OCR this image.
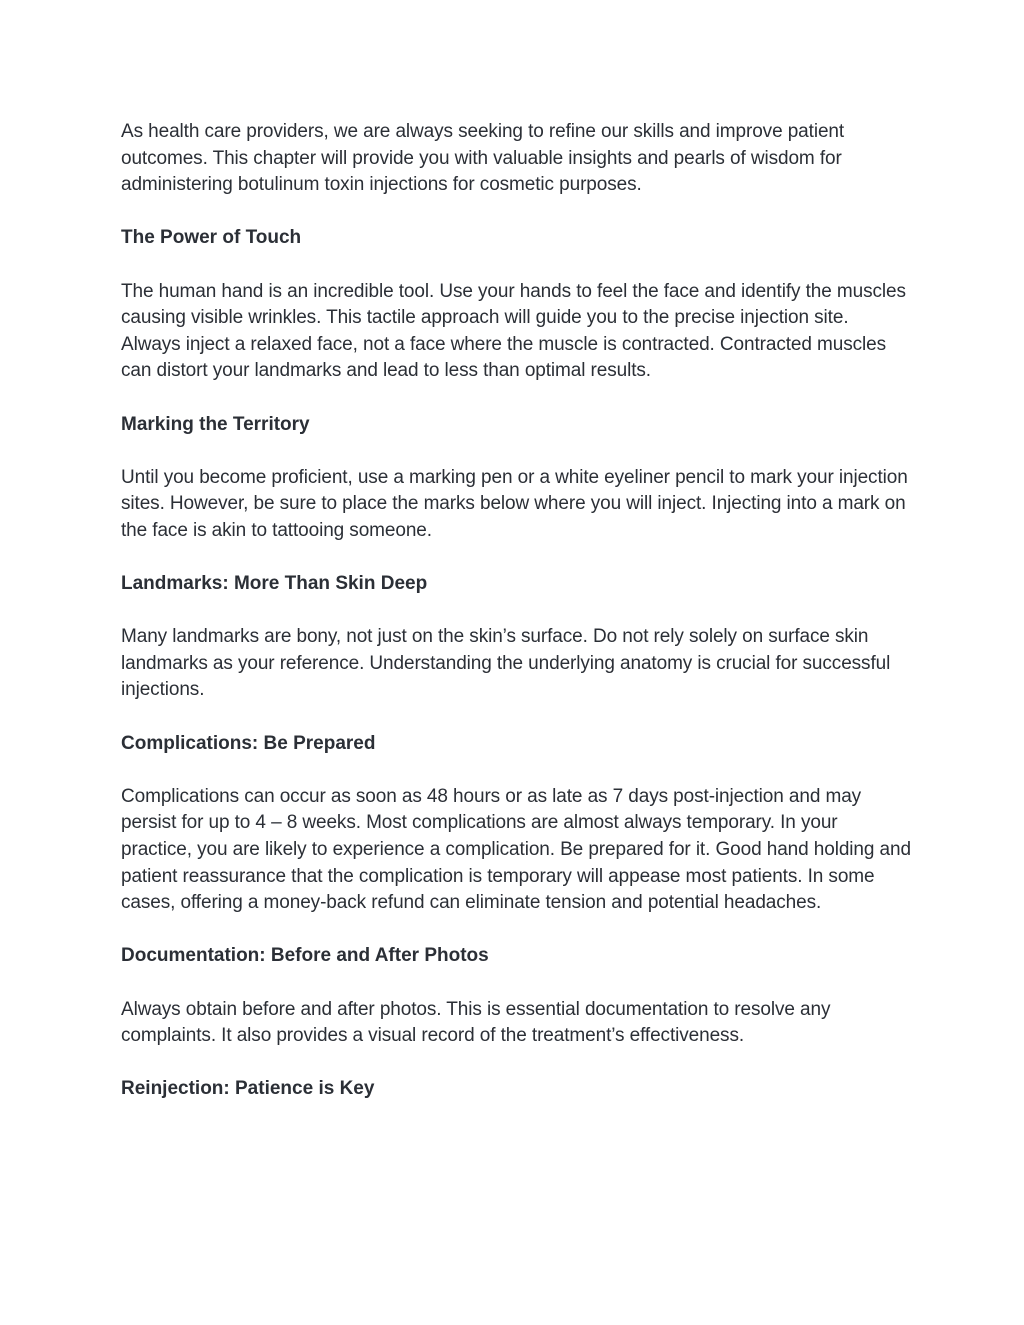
As health care providers, we are always seeking to refine our skills and improve patient outcomes. This chapter will provide you with valuable insights and pearls of wisdom for administering botulinum toxin injections for cosmetic purposes.

The Power of Touch

The human hand is an incredible tool. Use your hands to feel the face and identify the muscles causing visible wrinkles. This tactile approach will guide you to the precise injection site. Always inject a relaxed face, not a face where the muscle is contracted. Contracted muscles can distort your landmarks and lead to less than optimal results.

Marking the Territory

Until you become proficient, use a marking pen or a white eyeliner pencil to mark your injection sites. However, be sure to place the marks below where you will inject. Injecting into a mark on the face is akin to tattooing someone.

Landmarks: More Than Skin Deep

Many landmarks are bony, not just on the skin’s surface. Do not rely solely on surface skin landmarks as your reference. Understanding the underlying anatomy is crucial for successful injections.

Complications: Be Prepared

Complications can occur as soon as 48 hours or as late as 7 days post-injection and may persist for up to 4 – 8 weeks. Most complications are almost always temporary. In your practice, you are likely to experience a complication. Be prepared for it. Good hand holding and patient reassurance that the complication is temporary will appease most patients. In some cases, offering a money-back refund can eliminate tension and potential headaches.

Documentation: Before and After Photos

Always obtain before and after photos. This is essential documentation to resolve any complaints. It also provides a visual record of the treatment’s effectiveness.

Reinjection: Patience is Key
